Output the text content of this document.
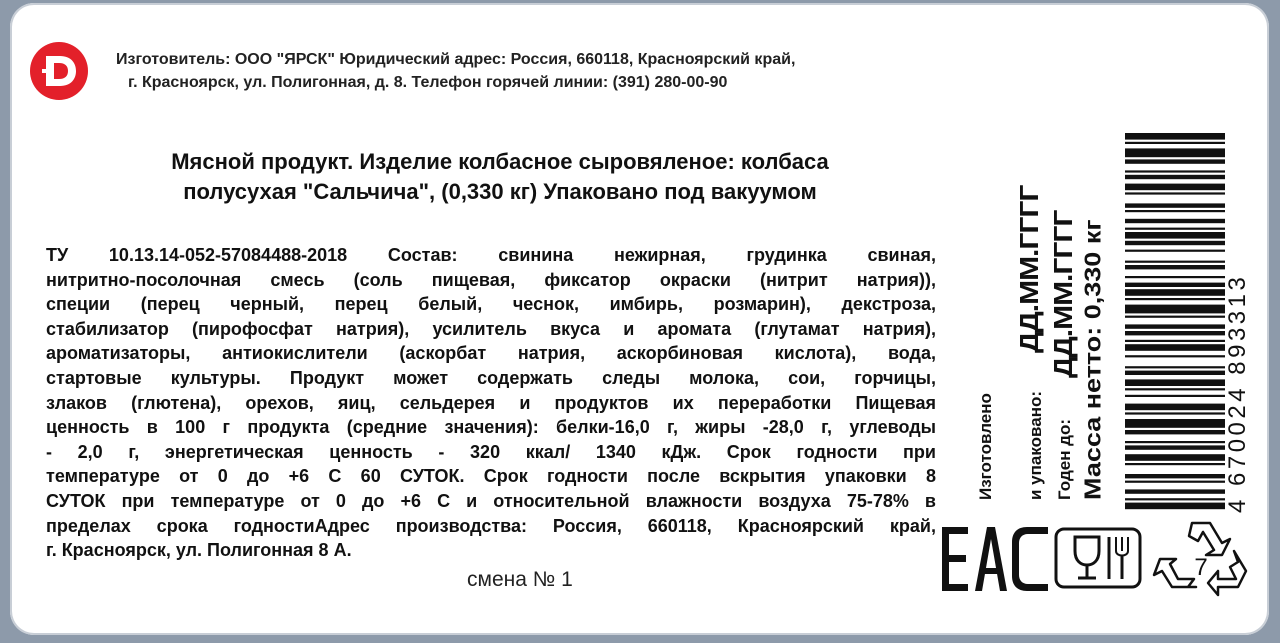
Изготовитель: ООО "ЯРСК" Юридический адрес: Россия, 660118, Красноярский край,
г. Красноярск, ул. Полигонная, д. 8. Телефон горячей линии: (391) 280-00-90
Мясной продукт. Изделие колбасное сыровяленое: колбаса
полусухая "Сальчича", (0,330 кг) Упаковано под вакуумом
ТУ 10.13.14-052-57084488-2018 Состав: свинина нежирная, грудинка свиная,
нитритно-посолочная смесь (соль пищевая, фиксатор окраски (нитрит натрия)),
специи (перец черный, перец белый, чеснок, имбирь, розмарин), декстроза,
стабилизатор (пирофосфат натрия), усилитель вкуса и аромата (глутамат натрия),
ароматизаторы, антиокислители (аскорбат натрия, аскорбиновая кислота), вода,
стартовые культуры. Продукт может содержать следы молока, сои, горчицы,
злаков (глютена), орехов, яиц, сельдерея и продуктов их переработки Пищевая
ценность в 100 г продукта (средние значения): белки-16,0 г, жиры -28,0 г, углеводы
- 2,0 г, энергетическая ценность - 320 ккал/ 1340 кДж. Срок годности при
температуре от 0 до +6 С 60 СУТОК. Срок годности после вскрытия упаковки 8
СУТОК при температуре от 0 до +6 С и относительной влажности воздуха 75-78% в
пределах срока годностиАдрес производства: Россия, 660118, Красноярский край,
г. Красноярск, ул. Полигонная 8 А.
смена № 1
Изготовлено и упаковано:
ДД.ММ.ГГГГ
Годен до:
ДД.ММ.ГГГГ Масса нетто: 0,330 кг	4 670024 893313
7
